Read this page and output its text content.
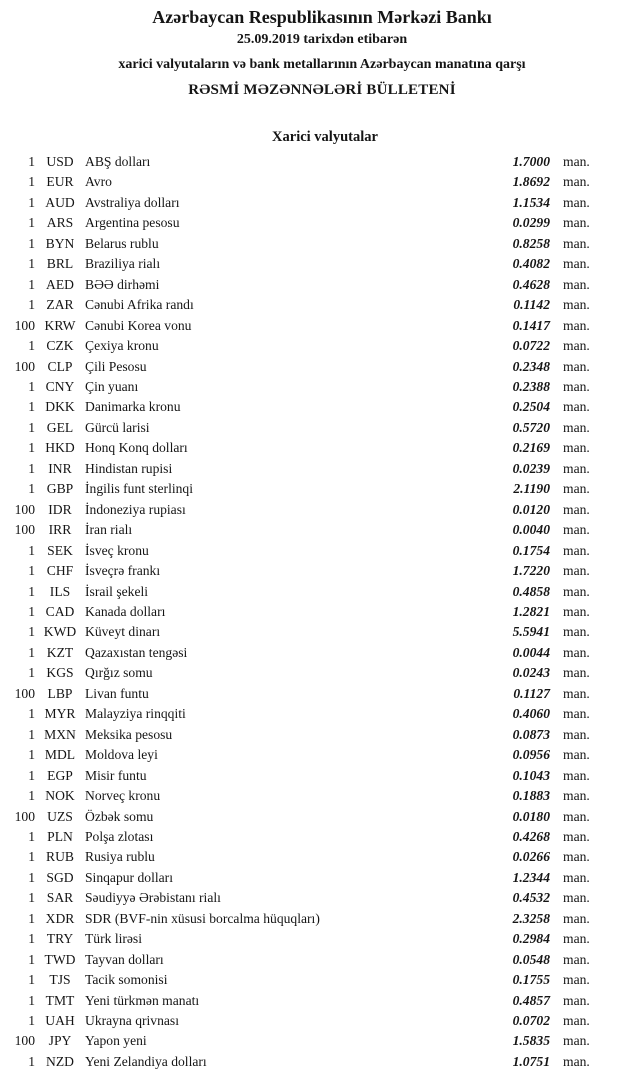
Azərbaycan Respublikasının Mərkəzi Bankı
25.09.2019 tarixdən etibarən
xarici valyutaların və bank metallarının Azərbaycan manatına qarşı
RƏSMİ MƏZƏNNƏLƏRİ BÜLLETENİ
Xarici valyutalar
1 USD ABŞ dolları	1.7000 man.
1 EUR Avro	1.8692 man.
1 AUD Avstraliya dolları	1.1534 man.
1 ARS Argentina pesosu	0.0299 man.
1 BYN Belarus rublu	0.8258 man.
1 BRL Braziliya rialı	0.4082 man.
1 AED BƏƏ dirhəmi	0.4628 man.
1 ZAR Cənubi Afrika randı	0.1142 man.
100 KRW Cənubi Korea vonu	0.1417 man.
1 CZK Çexiya kronu	0.0722 man.
100 CLP Çili Pesosu	0.2348 man.
1 CNY Çin yuanı	0.2388 man.
1 DKK Danimarka kronu	0.2504 man.
1 GEL Gürcü larisi	0.5720 man.
1 HKD Honq Konq dolları	0.2169 man.
1 INR Hindistan rupisi	0.0239 man.
1 GBP İngilis funt sterlinqi	2.1190 man.
100 IDR İndoneziya rupiası	0.0120 man.
100	IRR	İran rialı	0.0040 man.
1 SEK İsveç kronu	0.1754 man.
1 CHF İsveçrə frankı	1.7220 man.
1	ILS	İsrail şekeli	0.4858 man.
1 CAD Kanada dolları	1.2821 man.
1 KWD Küveyt dinarı	5.5941 man.
1 KZT Qazaxıstan tengəsi	0.0044 man.
1 KGS Qırğız somu	0.0243 man.
100 LBP Livan funtu	0.1127 man.
1 MYR Malayziya rinqqiti	0.4060 man.
1 MXN Meksika pesosu	0.0873 man.
1 MDL Moldova leyi	0.0956 man.
1 EGP Misir funtu	0.1043 man.
1 NOK Norveç kronu	0.1883 man.
100 UZS Özbək somu	0.0180 man.
1 PLN Polşa zlotası	0.4268 man.
1 RUB Rusiya rublu	0.0266 man.
1 SGD Sinqapur dolları	1.2344 man.
1 SAR Səudiyyə Ərəbistanı rialı	0.4532 man.
1 XDR SDR (BVF-nin xüsusi borcalma hüquqları)	2.3258 man.
1 TRY Türk lirəsi	0.2984 man.
1 TWD Tayvan dolları	0.0548 man.
1	TJS	Tacik somonisi	0.1755 man.
1 TMT Yeni türkmən manatı	0.4857 man.
1 UAH Ukrayna qrivnası	0.0702 man.
100	JPY	Yapon yeni	1.5835 man.
1 NZD Yeni Zelandiya dolları	1.0751 man.
